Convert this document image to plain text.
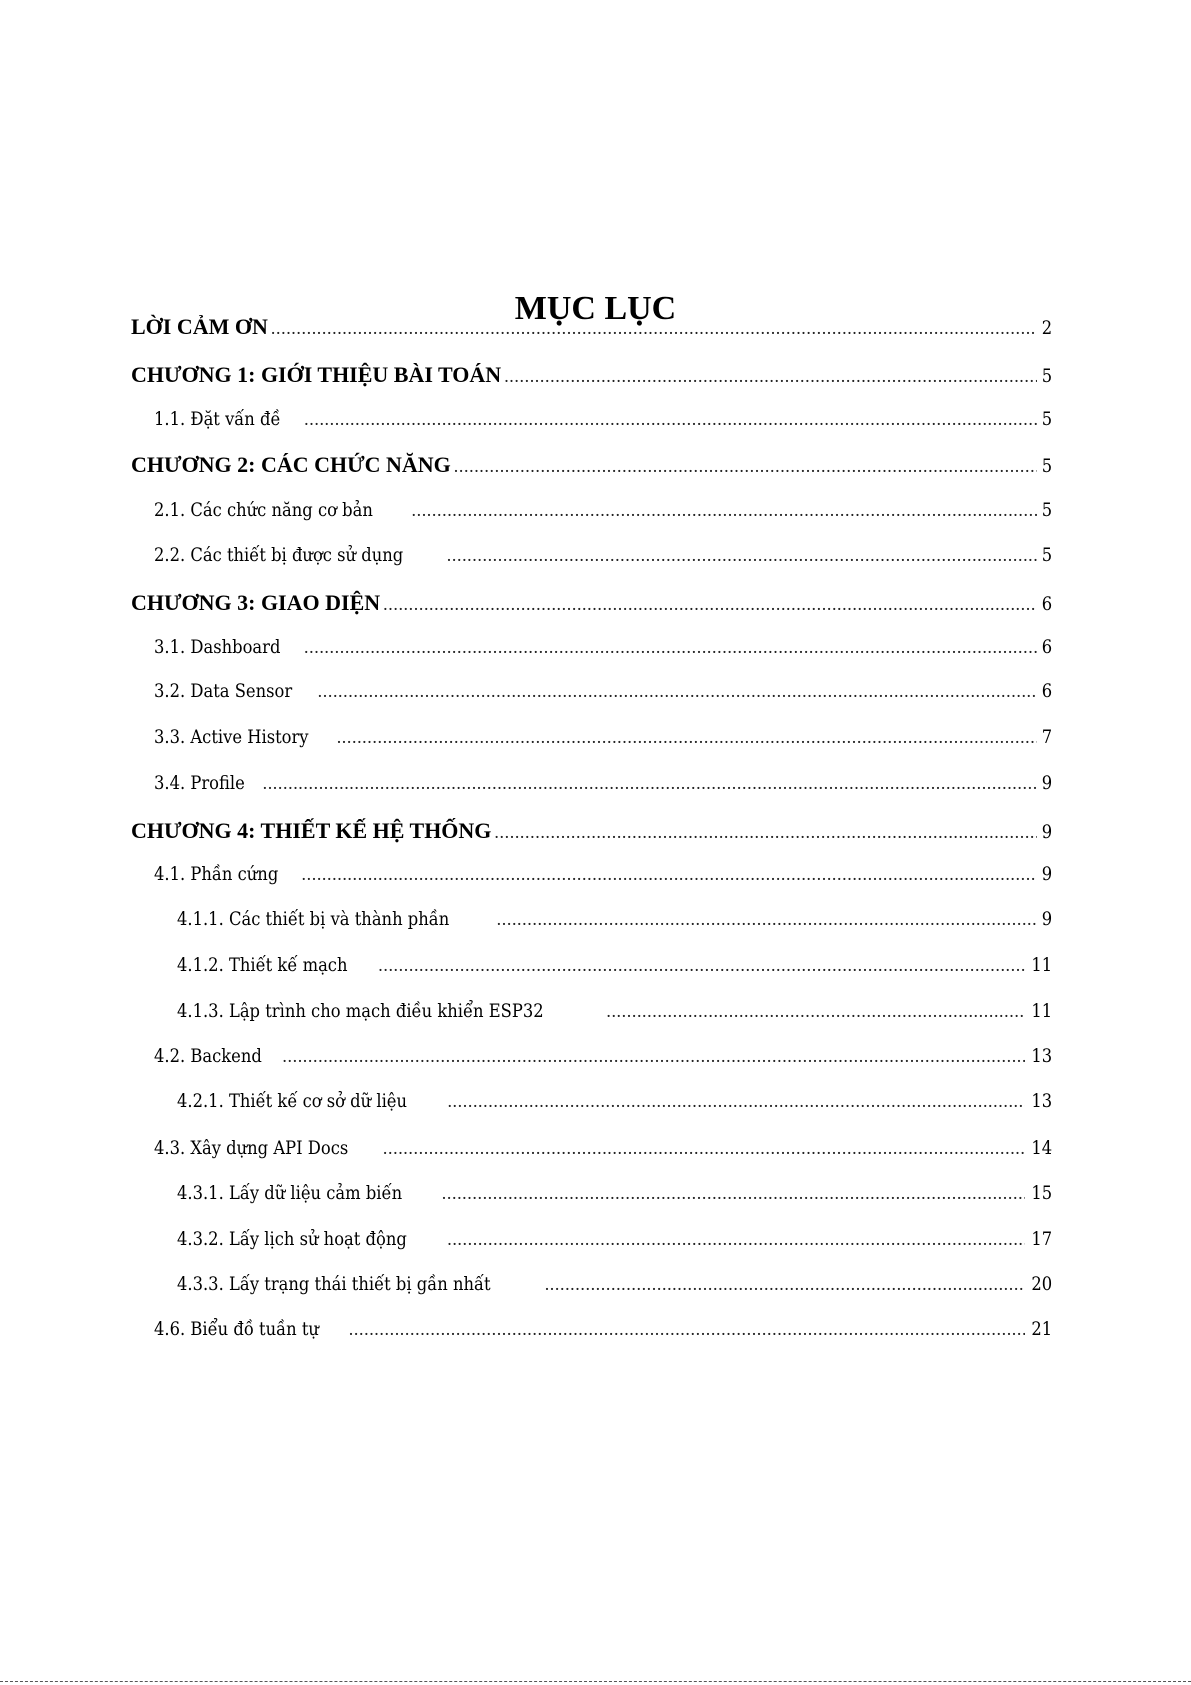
MỤC LỤC
LỜI CẢM ƠN .....	2
CHƯƠNG 1: GIỚI THIỆU BÀI TOÁN .....	5
1.1. Đặt vấn đề .....	5
CHƯƠNG 2: CÁC CHỨC NĂNG .....	5
2.1. Các chức năng cơ bản .....	5
2.2. Các thiết bị được sử dụng .....	5
CHƯƠNG 3: GIAO DIỆN .....	6
3.1. Dashboard .....	6
3.2. Data Sensor .....	6
3.3. Active History .....	7
3.4. Profile .....	9
CHƯƠNG 4: THIẾT KẾ HỆ THỐNG .....	9
4.1. Phần cứng .....	9
4.1.1. Các thiết bị và thành phần .....	9
4.1.2. Thiết kế mạch .....	11
4.1.3. Lập trình cho mạch điều khiển ESP32 .....	11
4.2. Backend .....	13
4.2.1. Thiết kế cơ sở dữ liệu .....	13
4.3. Xây dựng API Docs .....	14
4.3.1. Lấy dữ liệu cảm biến .....	15
4.3.2. Lấy lịch sử hoạt động .....	17
4.3.3. Lấy trạng thái thiết bị gần nhất .....	20
4.6. Biểu đồ tuần tự .....	21
